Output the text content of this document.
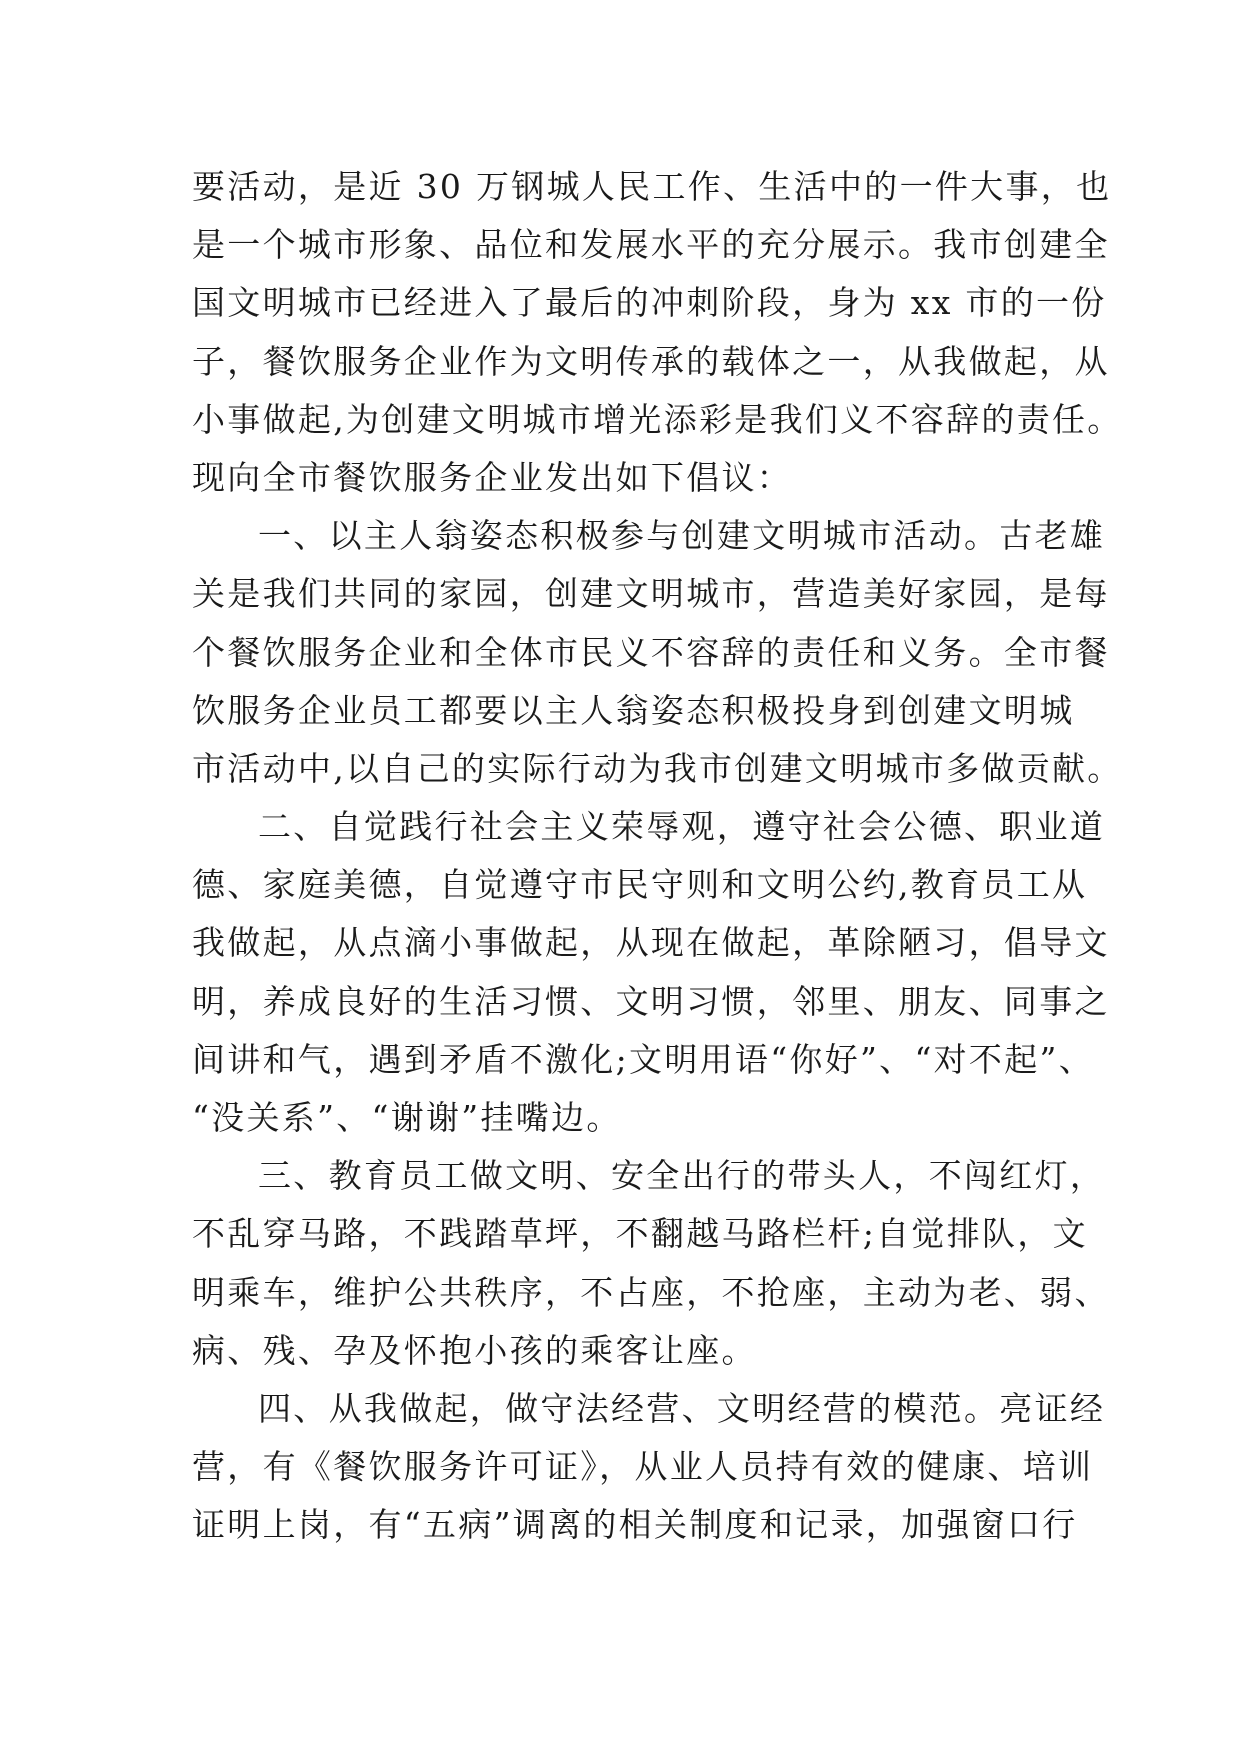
要活动，是近 30 万钢城人民工作、生活中的一件大事，也
是一个城市形象、品位和发展水平的充分展示。我市创建全
国文明城市已经进入了最后的冲刺阶段，身为 xx 市的一份
子，餐饮服务企业作为文明传承的载体之一，从我做起，从
小事做起,为创建文明城市增光添彩是我们义不容辞的责任。
现向全市餐饮服务企业发出如下倡议：
一、以主人翁姿态积极参与创建文明城市活动。古老雄
关是我们共同的家园，创建文明城市，营造美好家园，是每
个餐饮服务企业和全体市民义不容辞的责任和义务。全市餐
饮服务企业员工都要以主人翁姿态积极投身到创建文明城
市活动中,以自己的实际行动为我市创建文明城市多做贡献。
二、自觉践行社会主义荣辱观，遵守社会公德、职业道
德、家庭美德，自觉遵守市民守则和文明公约,教育员工从
我做起，从点滴小事做起，从现在做起，革除陋习，倡导文
明，养成良好的生活习惯、文明习惯，邻里、朋友、同事之
间讲和气，遇到矛盾不激化;文明用语“你好”、“对不起”、
“没关系”、“谢谢”挂嘴边。
三、教育员工做文明、安全出行的带头人，不闯红灯，
不乱穿马路，不践踏草坪，不翻越马路栏杆;自觉排队，文
明乘车，维护公共秩序，不占座，不抢座，主动为老、弱、
病、残、孕及怀抱小孩的乘客让座。
四、从我做起，做守法经营、文明经营的模范。亮证经
营，有《餐饮服务许可证》，从业人员持有效的健康、培训
证明上岗，有“五病”调离的相关制度和记录，加强窗口行
